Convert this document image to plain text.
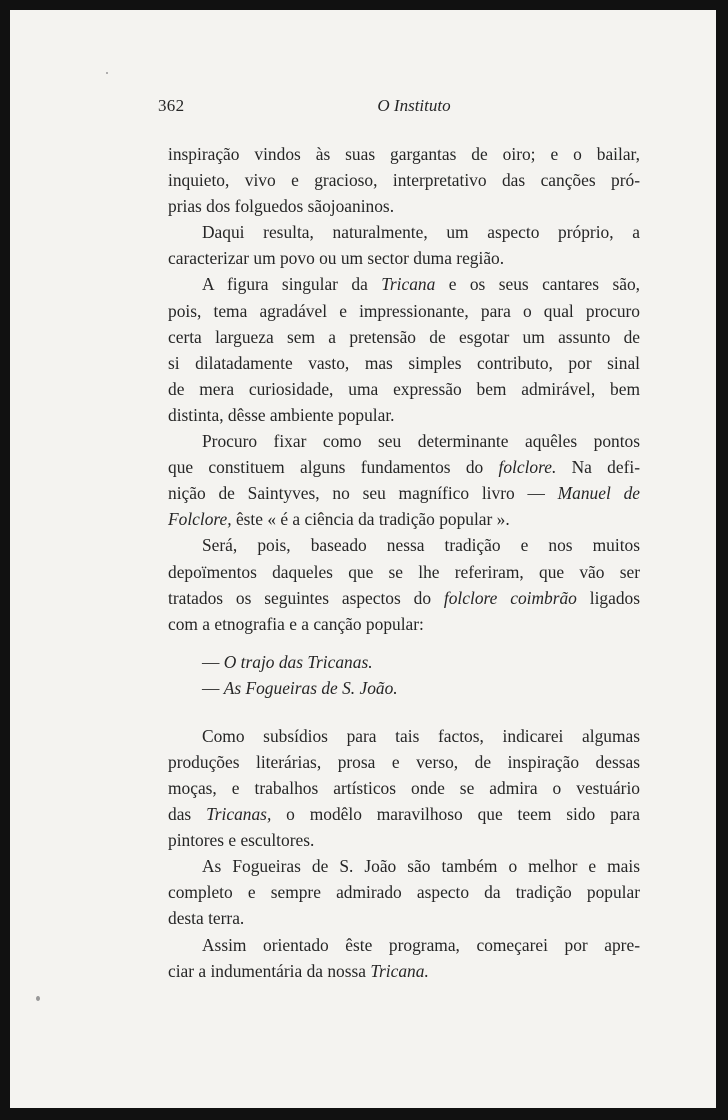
362	O Instituto
inspiração vindos às suas gargantas de oiro; e o bailar,
inquieto, vivo e gracioso, interpretativo das canções pró-
prias dos folguedos sãojoaninos.
Daqui resulta, naturalmente, um aspecto próprio, a
caracterizar um povo ou um sector duma região.
A figura singular da Tricana e os seus cantares são,
pois, tema agradável e impressionante, para o qual procuro
certa largueza sem a pretensão de esgotar um assunto de
si dilatadamente vasto, mas simples contributo, por sinal
de mera curiosidade, uma expressão bem admirável, bem
distinta, dêsse ambiente popular.
Procuro fixar como seu determinante aquêles pontos
que constituem alguns fundamentos do folclore. Na defi-
nição de Saintyves, no seu magnífico livro — Manuel de
Folclore, êste « é a ciência da tradição popular ».
Será, pois, baseado nessa tradição e nos muitos
depoïmentos daqueles que se lhe referiram, que vão ser
tratados os seguintes aspectos do folclore coimbrão ligados
com a etnografia e a canção popular:
— O trajo das Tricanas.
— As Fogueiras de S. João.
Como subsídios para tais factos, indicarei algumas
produções literárias, prosa e verso, de inspiração dessas
moças, e trabalhos artísticos onde se admira o vestuário
das Tricanas, o modêlo maravilhoso que teem sido para
pintores e escultores.
As Fogueiras de S. João são também o melhor e mais
completo e sempre admirado aspecto da tradição popular
desta terra.
Assim orientado êste programa, começarei por apre-
ciar a indumentária da nossa Tricana.
